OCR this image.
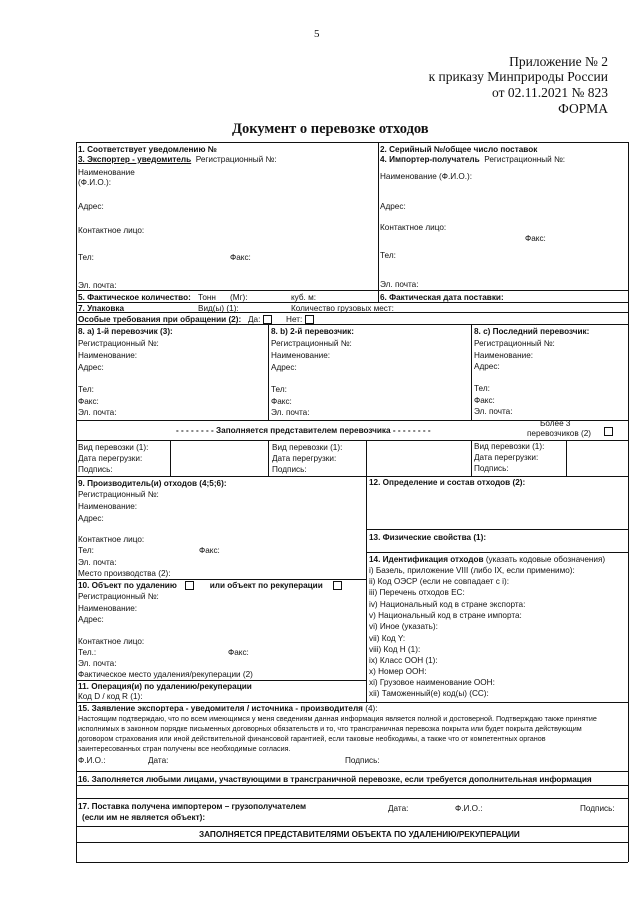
5
Приложение № 2
к приказу Минприроды России
от 02.11.2021 № 823
ФОРМА
Документ о перевозке отходов
1. Соответствует уведомлению №	2. Серийный №/общее число поставок
3. Экспортер - уведомитель Регистрационный №:	4. Импортер-получатель Регистрационный №:
Наименование
(Ф.И.О.):
Адрес:
Контактное лицо:
Тел:	Факс:
Эл. почта:
Наименование (Ф.И.О.):
Адрес:
Контактное лицо:
Факс:
Тел:
Эл. почта:
5. Фактическое количество: Тонн (Мг):	куб. м:	6. Фактическая дата поставки:
7. Упаковка	Вид(ы) (1):	Количество грузовых мест:
Особые требования при обращении (2): Да:	Нет:
8. а) 1-й перевозчик (3):
Регистрационный №:
Наименование:
Адрес:
Тел:
Факс:
Эл. почта:
8. b) 2-й перевозчик:
Регистрационный №:
Наименование:
Адрес:
Тел:
Факс:
Эл. почта:
8. с) Последний перевозчик:
Регистрационный №:
Наименование:
Адрес:
Тел:
Факс:
Эл. почта:
- - - - - - - - Заполняется представителем перевозчика - - - - - - - -
Более 3
перевозчиков (2)
Вид перевозки (1):
Дата перегрузки:
Подпись:
Вид перевозки (1):
Дата перегрузки:
Подпись:
Вид перевозки (1):
Дата перегрузки:
Подпись:
9. Производитель(и) отходов (4;5;6):
Регистрационный №:
Наименование:
Адрес:
Контактное лицо:
Тел:	Факс:
Эл. почта:
Место производства (2):
12. Определение и состав отходов (2):
13. Физические свойства (1):
14. Идентификация отходов (указать кодовые обозначения)
i) Базель, приложение VIII (либо IX, если применимо):
ii) Код ОЭСР (если не совпадает с i):
iii) Перечень отходов ЕС:
iv) Национальный код в стране экспорта:
v) Национальный код в стране импорта:
vi) Иное (указать):
vii) Код Y:
viii) Код H (1):
ix) Класс ООН (1):
x) Номер ООН:
xi) Грузовое наименование ООН:
xii) Таможенный(е) код(ы) (CC):
10. Объект по удалению	или объект по рекуперации
Регистрационный №:
Наименование:
Адрес:
Контактное лицо:
Тел.:	Факс:
Эл. почта:
Фактическое место удаления/рекуперации (2)
11. Операция(и) по удалению/рекуперации
Код D / код R (1):
15. Заявление экспортера - уведомителя / источника - производителя (4):
Настоящим подтверждаю, что по всем имеющимся у меня сведениям данная информация является полной и достоверной. Подтверждаю также принятие
исполнимых в законном порядке письменных договорных обязательств и то, что трансграничная перевозка покрыта или будет покрыта действующим
договором страхования или иной действительной финансовой гарантией, если таковые необходимы, а также что от компетентных органов
заинтересованных стран получены все необходимые согласия.
Ф.И.О.:	Дата:	Подпись:
16. Заполняется любыми лицами, участвующими в трансграничной перевозке, если требуется дополнительная информация
17. Поставка получена импортером – грузополучателем
(если им не является объект):
Дата:	Ф.И.О.:	Подпись:
ЗАПОЛНЯЕТСЯ ПРЕДСТАВИТЕЛЯМИ ОБЪЕКТА ПО УДАЛЕНИЮ/РЕКУПЕРАЦИИ
